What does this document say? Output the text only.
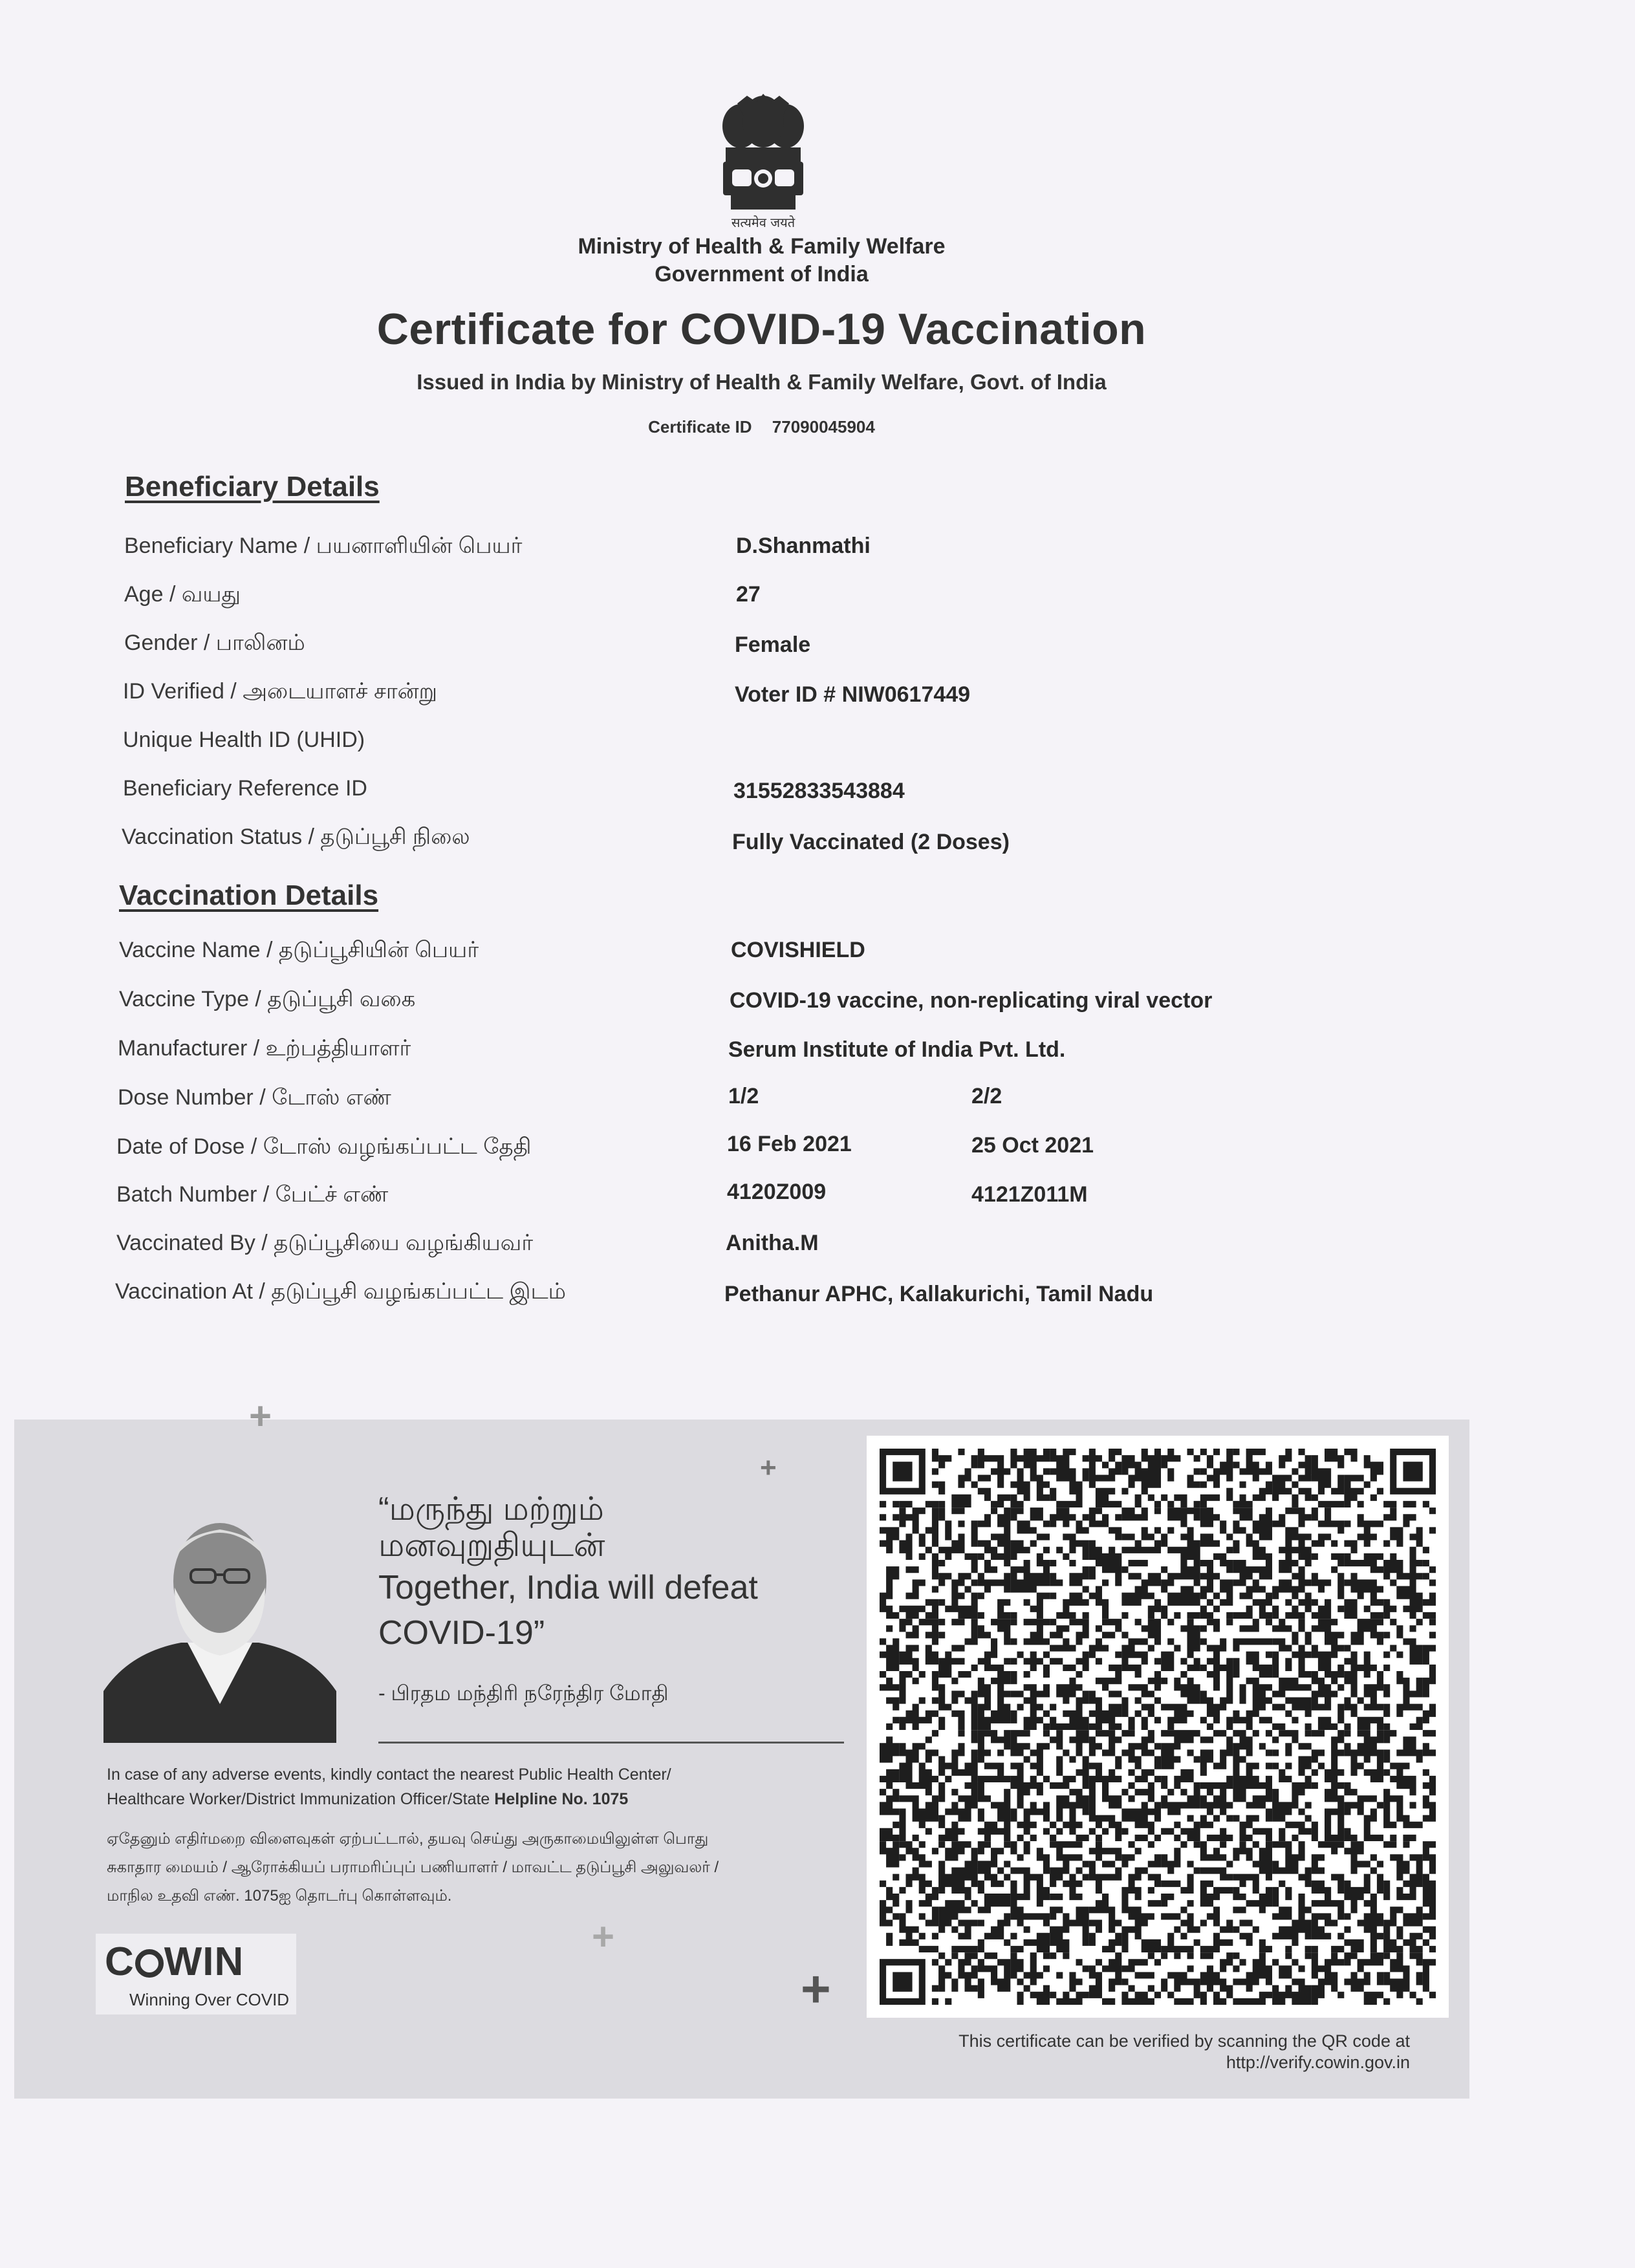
सत्यमेव जयते
Ministry of Health & Family Welfare
Government of India
Certificate for COVID-19 Vaccination
Issued in India by Ministry of Health & Family Welfare, Govt. of India
Certificate ID 77090045904
Beneficiary Details
Beneficiary Name / பயனாளியின் பெயர்	D.Shanmathi
Age / வயது	27
Gender / பாலினம்	Female
ID Verified / அடையாளச் சான்று	Voter ID # NIW0617449
Unique Health ID (UHID)
Beneficiary Reference ID	31552833543884
Vaccination Status / தடுப்பூசி நிலை	Fully Vaccinated (2 Doses)
Vaccination Details
Vaccine Name / தடுப்பூசியின் பெயர்	COVISHIELD
Vaccine Type / தடுப்பூசி வகை	COVID-19 vaccine, non-replicating viral vector
Manufacturer / உற்பத்தியாளர்	Serum Institute of India Pvt. Ltd.
Dose Number / டோஸ் எண்	1/2	2/2
Date of Dose / டோஸ் வழங்கப்பட்ட தேதி	16 Feb 2021	25 Oct 2021
Batch Number / பேட்ச் எண்	4120Z009	4121Z011M
Vaccinated By / தடுப்பூசியை வழங்கியவர்	Anitha.M
Vaccination At / தடுப்பூசி வழங்கப்பட்ட இடம்	Pethanur APHC, Kallakurichi, Tamil Nadu
+
+
+
+
“மருந்து மற்றும்
மனவுறுதியுடன்
Together, India will defeat
COVID-19”
- பிரதம மந்திரி நரேந்திர மோதி
In case of any adverse events, kindly contact the nearest Public Health Center/
Healthcare Worker/District Immunization Officer/State Helpline No. 1075
ஏதேனும் எதிர்மறை விளைவுகள் ஏற்பட்டால், தயவு செய்து அருகாமையிலுள்ள பொது
சுகாதார மையம் / ஆரோக்கியப் பராமரிப்புப் பணியாளர் / மாவட்ட தடுப்பூசி அலுவலர் /
மாநில உதவி எண். 1075ஐ தொடர்பு கொள்ளவும்.
C WIN
Winning Over COVID
This certificate can be verified by scanning the QR code at
http://verify.cowin.gov.in
